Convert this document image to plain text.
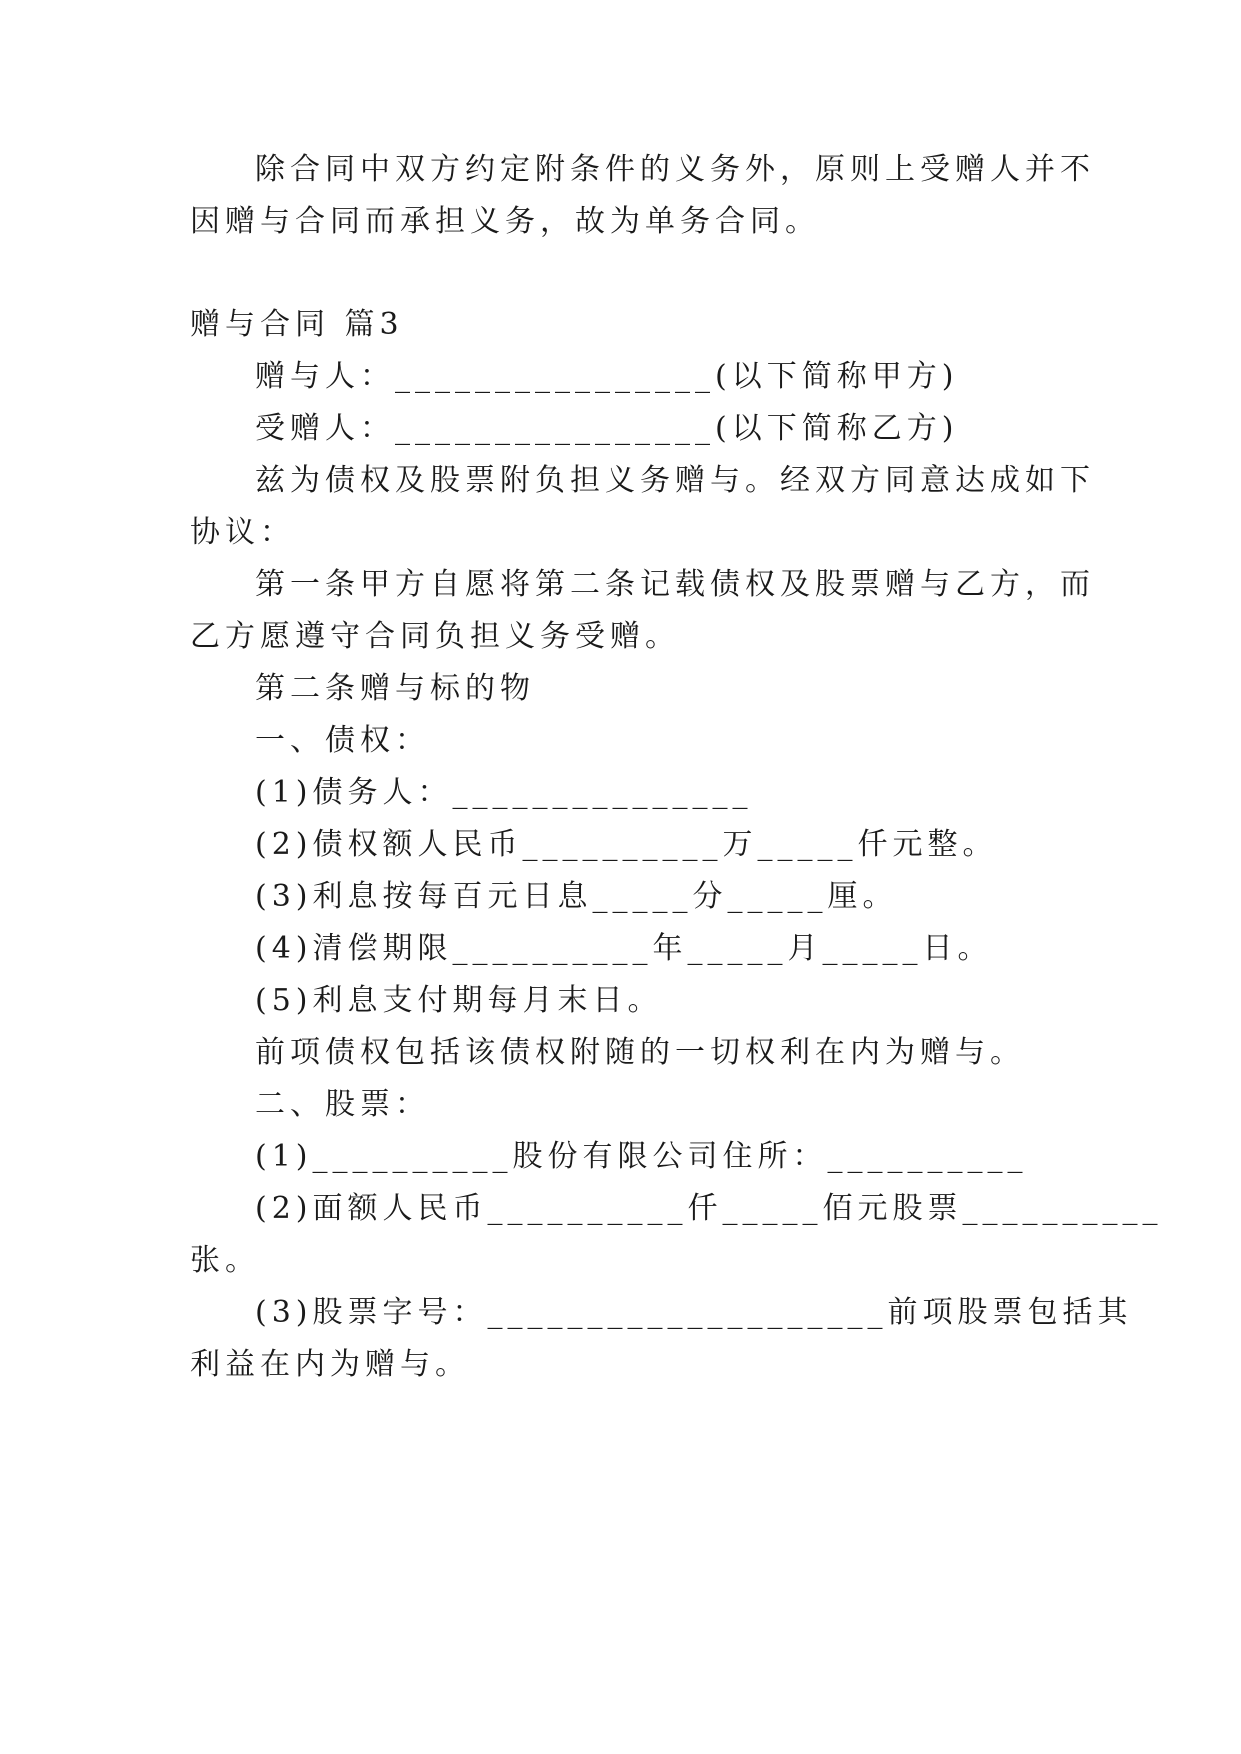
除合同中双方约定附条件的义务外，原则上受赠人并不
因赠与合同而承担义务，故为单务合同。
赠与合同 篇3
赠与人：________________(以下简称甲方)
受赠人：________________(以下简称乙方)
兹为债权及股票附负担义务赠与。经双方同意达成如下
协议：
第一条甲方自愿将第二条记载债权及股票赠与乙方，而
乙方愿遵守合同负担义务受赠。
第二条赠与标的物
一、债权：
(1)债务人：_______________
(2)债权额人民币__________万_____仟元整。
(3)利息按每百元日息_____分_____厘。
(4)清偿期限__________年_____月_____日。
(5)利息支付期每月末日。
前项债权包括该债权附随的一切权利在内为赠与。
二、股票：
(1)__________股份有限公司住所：__________
(2)面额人民币__________仟_____佰元股票__________
张。
(3)股票字号：____________________前项股票包括其
利益在内为赠与。
